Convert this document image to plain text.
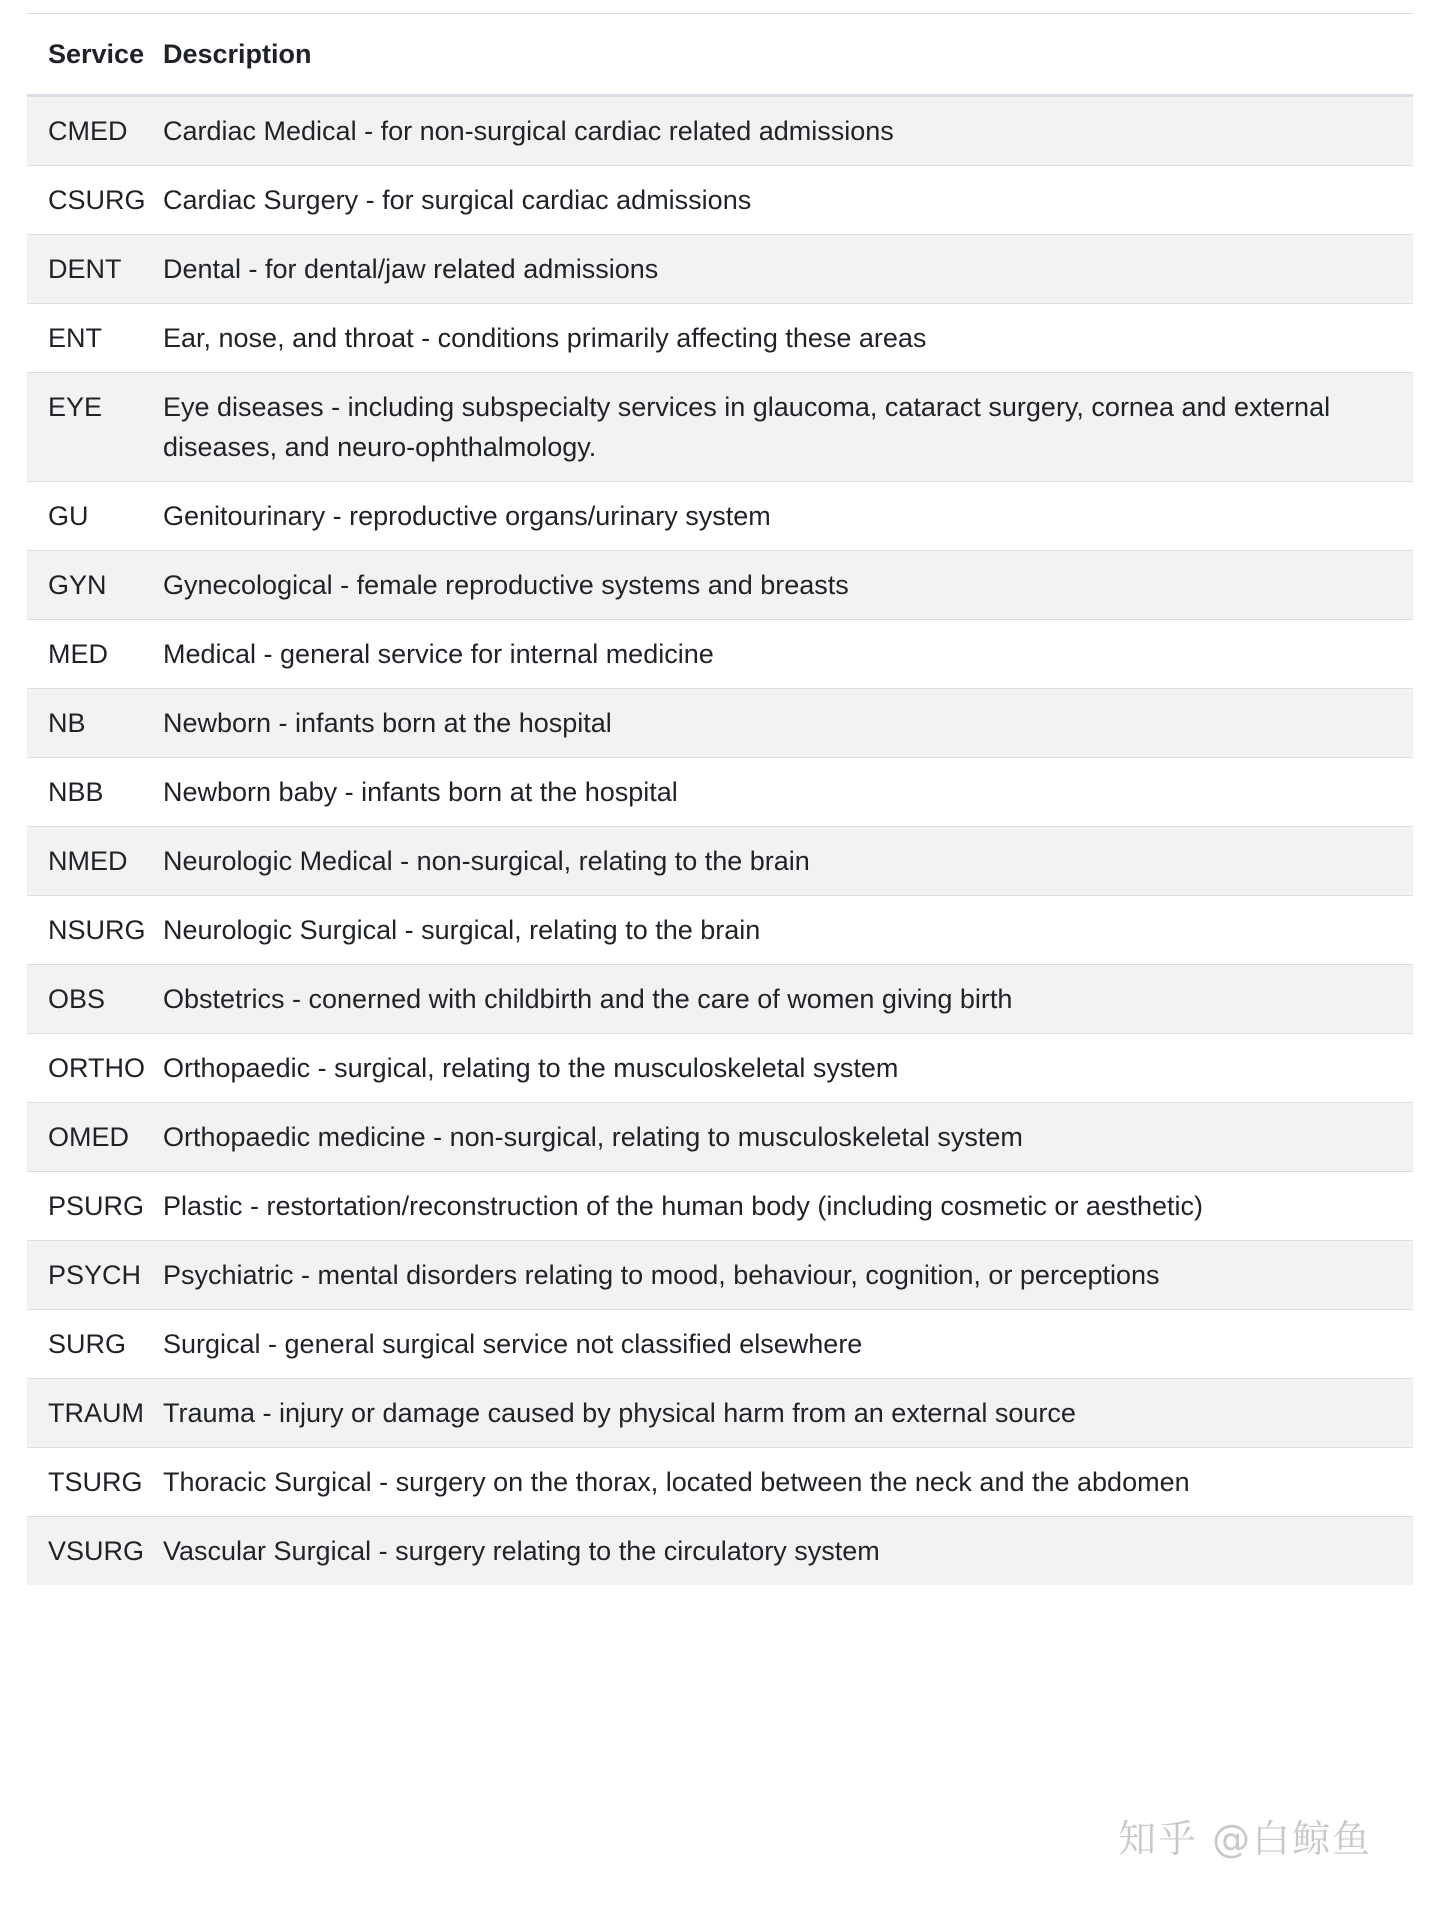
Service	Description
CMED	Cardiac Medical - for non-surgical cardiac related admissions
CSURG	Cardiac Surgery - for surgical cardiac admissions
DENT	Dental - for dental/jaw related admissions
ENT	Ear, nose, and throat - conditions primarily affecting these areas
EYE	Eye diseases - including subspecialty services in glaucoma, cataract surgery, cornea and external diseases, and neuro-ophthalmology.
GU	Genitourinary - reproductive organs/urinary system
GYN	Gynecological - female reproductive systems and breasts
MED	Medical - general service for internal medicine
NB	Newborn - infants born at the hospital
NBB	Newborn baby - infants born at the hospital
NMED	Neurologic Medical - non-surgical, relating to the brain
NSURG	Neurologic Surgical - surgical, relating to the brain
OBS	Obstetrics - conerned with childbirth and the care of women giving birth
ORTHO	Orthopaedic - surgical, relating to the musculoskeletal system
OMED	Orthopaedic medicine - non-surgical, relating to musculoskeletal system
PSURG	Plastic - restortation/reconstruction of the human body (including cosmetic or aesthetic)
PSYCH	Psychiatric - mental disorders relating to mood, behaviour, cognition, or perceptions
SURG	Surgical - general surgical service not classified elsewhere
TRAUM	Trauma - injury or damage caused by physical harm from an external source
TSURG	Thoracic Surgical - surgery on the thorax, located between the neck and the abdomen
VSURG	Vascular Surgical - surgery relating to the circulatory system
知乎 @白鲸鱼
